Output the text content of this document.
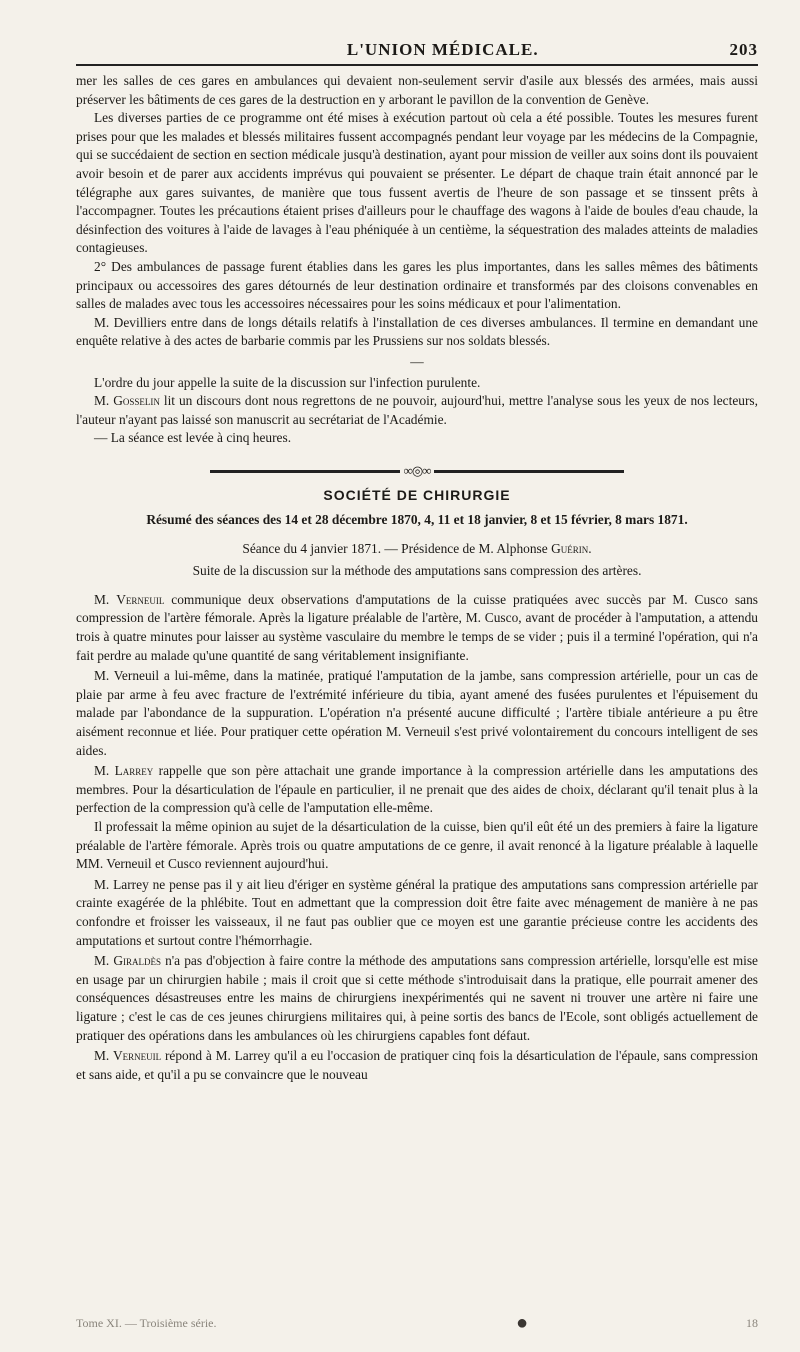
L'UNION MÉDICALE.	203

mer les salles de ces gares en ambulances qui devaient non-seulement servir d'asile aux blessés des armées, mais aussi préserver les bâtiments de ces gares de la destruction en y arborant le pavillon de la convention de Genève.

Les diverses parties de ce programme ont été mises à exécution partout où cela a été possible. Toutes les mesures furent prises pour que les malades et blessés militaires fussent accompagnés pendant leur voyage par les médecins de la Compagnie, qui se succédaient de section en section médicale jusqu'à destination, ayant pour mission de veiller aux soins dont ils pouvaient avoir besoin et de parer aux accidents imprévus qui pouvaient se présenter. Le départ de chaque train était annoncé par le télégraphe aux gares suivantes, de manière que tous fussent avertis de l'heure de son passage et se tinssent prêts à l'accompagner. Toutes les précautions étaient prises d'ailleurs pour le chauffage des wagons à l'aide de boules d'eau chaude, la désinfection des voitures à l'aide de lavages à l'eau phéniquée à un centième, la séquestration des malades atteints de maladies contagieuses.

2° Des ambulances de passage furent établies dans les gares les plus importantes, dans les salles mêmes des bâtiments principaux ou accessoires des gares détournés de leur destination ordinaire et transformés par des cloisons convenables en salles de malades avec tous les accessoires nécessaires pour les soins médicaux et pour l'alimentation.

M. Devilliers entre dans de longs détails relatifs à l'installation de ces diverses ambulances. Il termine en demandant une enquête relative à des actes de barbarie commis par les Prussiens sur nos soldats blessés.

—

L'ordre du jour appelle la suite de la discussion sur l'infection purulente.

M. Gosselin lit un discours dont nous regrettons de ne pouvoir, aujourd'hui, mettre l'analyse sous les yeux de nos lecteurs, l'auteur n'ayant pas laissé son manuscrit au secrétariat de l'Académie.

— La séance est levée à cinq heures.

∞◎∞
SOCIÉTÉ DE CHIRURGIE
Résumé des séances des 14 et 28 décembre 1870, 4, 11 et 18 janvier, 8 et 15 février, 8 mars 1871.
Séance du 4 janvier 1871. — Présidence de M. Alphonse Guérin.
Suite de la discussion sur la méthode des amputations sans compression des artères.

M. Verneuil communique deux observations d'amputations de la cuisse pratiquées avec succès par M. Cusco sans compression de l'artère fémorale. Après la ligature préalable de l'artère, M. Cusco, avant de procéder à l'amputation, a attendu trois à quatre minutes pour laisser au système vasculaire du membre le temps de se vider ; puis il a terminé l'opération, qui n'a fait perdre au malade qu'une quantité de sang véritablement insignifiante.

M. Verneuil a lui-même, dans la matinée, pratiqué l'amputation de la jambe, sans compression artérielle, pour un cas de plaie par arme à feu avec fracture de l'extrémité inférieure du tibia, ayant amené des fusées purulentes et l'épuisement du malade par l'abondance de la suppuration. L'opération n'a présenté aucune difficulté ; l'artère tibiale antérieure a pu être aisément reconnue et liée. Pour pratiquer cette opération M. Verneuil s'est privé volontairement du concours intelligent de ses aides.

M. Larrey rappelle que son père attachait une grande importance à la compression artérielle dans les amputations des membres. Pour la désarticulation de l'épaule en particulier, il ne prenait que des aides de choix, déclarant qu'il tenait plus à la perfection de la compression qu'à celle de l'amputation elle-même.

Il professait la même opinion au sujet de la désarticulation de la cuisse, bien qu'il eût été un des premiers à faire la ligature préalable de l'artère fémorale. Après trois ou quatre amputations de ce genre, il avait renoncé à la ligature préalable à laquelle MM. Verneuil et Cusco reviennent aujourd'hui.

M. Larrey ne pense pas il y ait lieu d'ériger en système général la pratique des amputations sans compression artérielle par crainte exagérée de la phlébite. Tout en admettant que la compression doit être faite avec ménagement de manière à ne pas confondre et froisser les vaisseaux, il ne faut pas oublier que ce moyen est une garantie précieuse contre les accidents des amputations et surtout contre l'hémorrhagie.

M. Giraldès n'a pas d'objection à faire contre la méthode des amputations sans compression artérielle, lorsqu'elle est mise en usage par un chirurgien habile ; mais il croit que si cette méthode s'introduisait dans la pratique, elle pourrait amener des conséquences désastreuses entre les mains de chirurgiens inexpérimentés qui ne savent ni trouver une artère ni faire une ligature ; c'est le cas de ces jeunes chirurgiens militaires qui, à peine sortis des bancs de l'Ecole, sont obligés actuellement de pratiquer des opérations dans les ambulances où les chirurgiens capables font défaut.

M. Verneuil répond à M. Larrey qu'il a eu l'occasion de pratiquer cinq fois la désarticulation de l'épaule, sans compression et sans aide, et qu'il a pu se convaincre que le nouveau

Tome XI. — Troisième série.	●	18
